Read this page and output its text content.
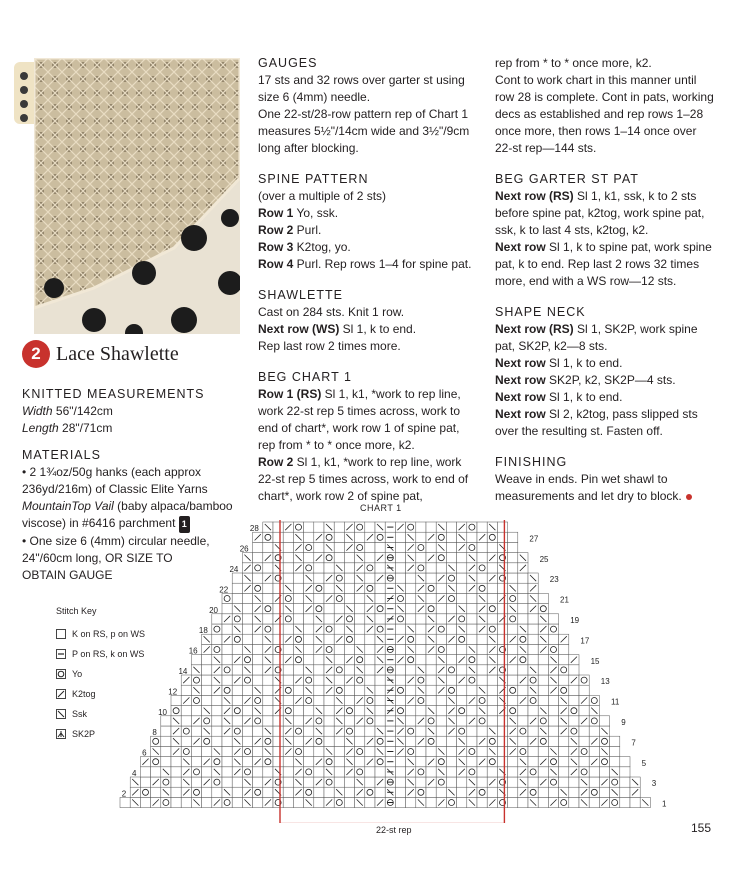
2 Lace Shawlette

KNITTED MEASUREMENTS

Width 56"/142cm

Length 28"/71cm

MATERIALS

• 2 1¾oz/50g hanks (each approx

236yd/216m) of Classic Elite Yarns

MountainTop Vail (baby alpaca/bamboo

viscose) in #6416 parchment 1

• One size 6 (4mm) circular needle,

24"/60cm long, OR SIZE TO

OBTAIN GAUGE

GAUGES

17 sts and 32 rows over garter st using size 6 (4mm) needle.

One 22-st/28-row pattern rep of Chart 1 measures 5½"/14cm wide and 3½"/9cm long after blocking.

SPINE PATTERN

(over a multiple of 2 sts)

Row 1 Yo, ssk.

Row 2 Purl.

Row 3 K2tog, yo.

Row 4 Purl. Rep rows 1–4 for spine pat.

SHAWLETTE

Cast on 284 sts. Knit 1 row.

Next row (WS) Sl 1, k to end.

Rep last row 2 times more.

BEG CHART 1

Row 1 (RS) Sl 1, k1, *work to rep line, work 22-st rep 5 times across, work to end of chart*, work row 1 of spine pat, rep from * to * once more, k2.

Row 2 Sl 1, k1, *work to rep line, work 22-st rep 5 times across, work to end of chart*, work row 2 of spine pat,

rep from * to * once more, k2.

Cont to work chart in this manner until row 28 is complete. Cont in pats, working decs as established and rep rows 1–28 once more, then rows 1–14 once over 22-st rep—144 sts.

BEG GARTER ST PAT

Next row (RS) Sl 1, k1, ssk, k to 2 sts before spine pat, k2tog, work spine pat, ssk, k to last 4 sts, k2tog, k2.

Next row Sl 1, k to spine pat, work spine pat, k to end. Rep last 2 rows 32 times more, end with a WS row—12 sts.

SHAPE NECK

Next row (RS) Sl 1, SK2P, work spine pat, SK2P, k2—8 sts.

Next row Sl 1, k to end.

Next row SK2P, k2, SK2P—4 sts.

Next row Sl 1, k to end.

Next row Sl 2, k2tog, pass slipped sts over the resulting st. Fasten off.

FINISHING

Weave in ends. Pin wet shawl to measurements and let dry to block.

Stitch Key
K on RS, p on WS
P on RS, k on WS
Yo
K2tog
Ssk
SK2P
CHART 1
1
3
5
7
9
11
13
15
17
19
21
23
25
27
2
4
6
8
10
12
14
16
18
20
22
24
26
28
22-st rep	155
